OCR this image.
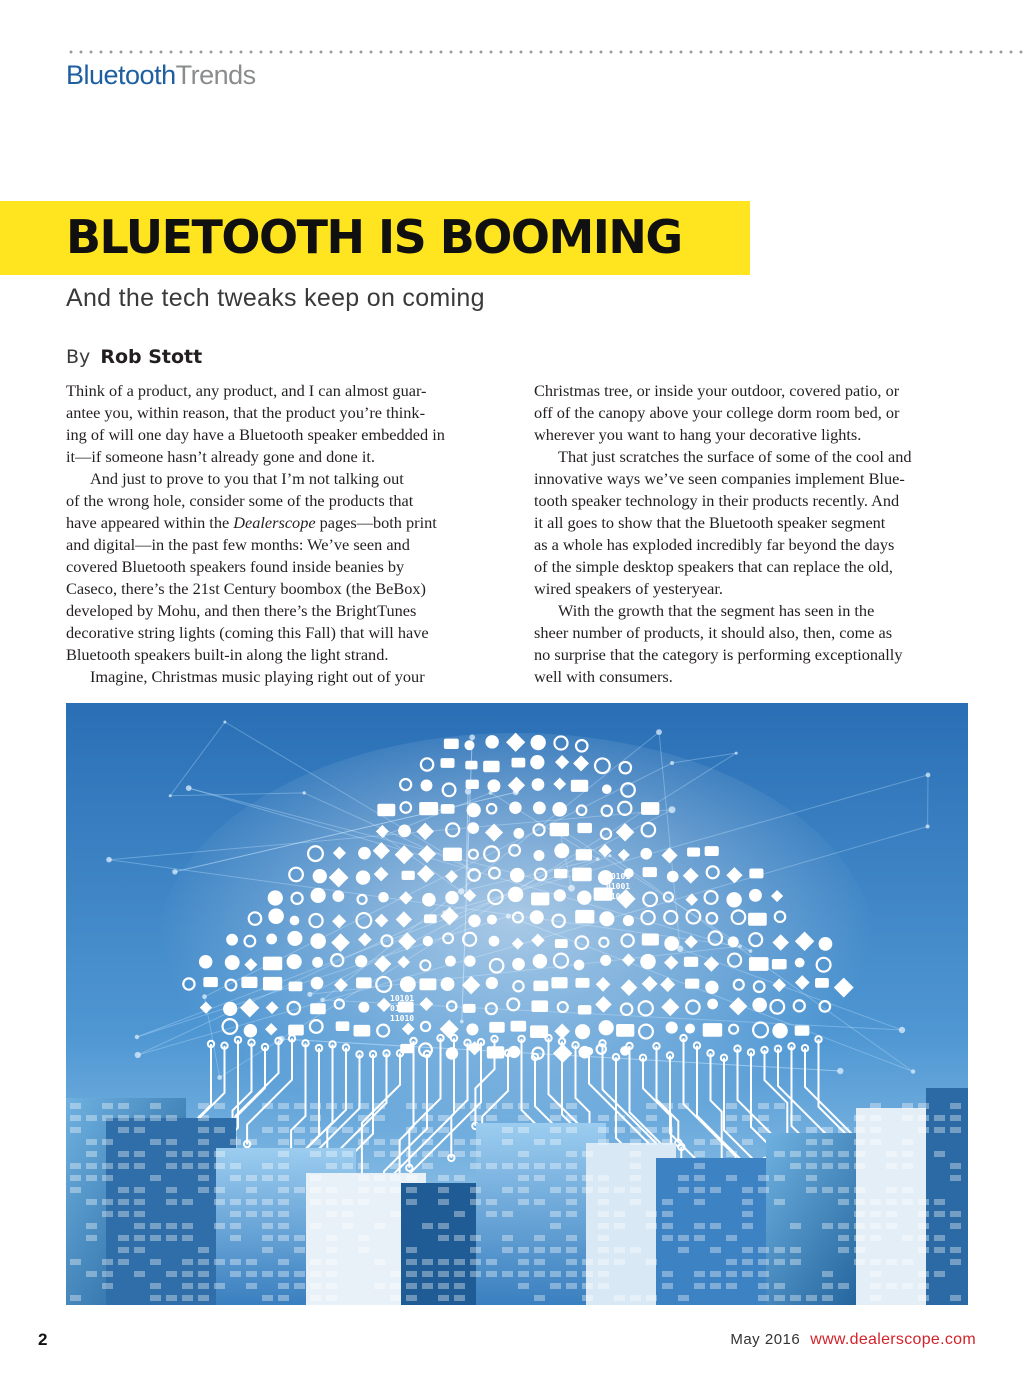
BluetoothTrends
BLUETOOTH IS BOOMING
And the tech tweaks keep on coming
By Rob Stott
Think of a product, any product, and I can almost guar-
antee you, within reason, that the product you’re think-
ing of will one day have a Bluetooth speaker embedded in
it—if someone hasn’t already gone and done it.
And just to prove to you that I’m not talking out
of the wrong hole, consider some of the products that
have appeared within the Dealerscope pages—both print
and digital—in the past few months: We’ve seen and
covered Bluetooth speakers found inside beanies by
Caseco, there’s the 21st Century boombox (the BeBox)
developed by Mohu, and then there’s the BrightTunes
decorative string lights (coming this Fall) that will have
Bluetooth speakers built-in along the light strand.
Imagine, Christmas music playing right out of your
Christmas tree, or inside your outdoor, covered patio, or
off of the canopy above your college dorm room bed, or
wherever you want to hang your decorative lights.
That just scratches the surface of some of the cool and
innovative ways we’ve seen companies implement Blue-
tooth speaker technology in their products recently. And
it all goes to show that the Bluetooth speaker segment
as a whole has exploded incredibly far beyond the days
of the simple desktop speakers that can replace the old,
wired speakers of yesteryear.
With the growth that the segment has seen in the
sheer number of products, it should also, then, come as
no surprise that the category is performing exceptionally
well with consumers.
10101
01001
11010
10101
01001
11010
2	May 2016 www.dealerscope.com
